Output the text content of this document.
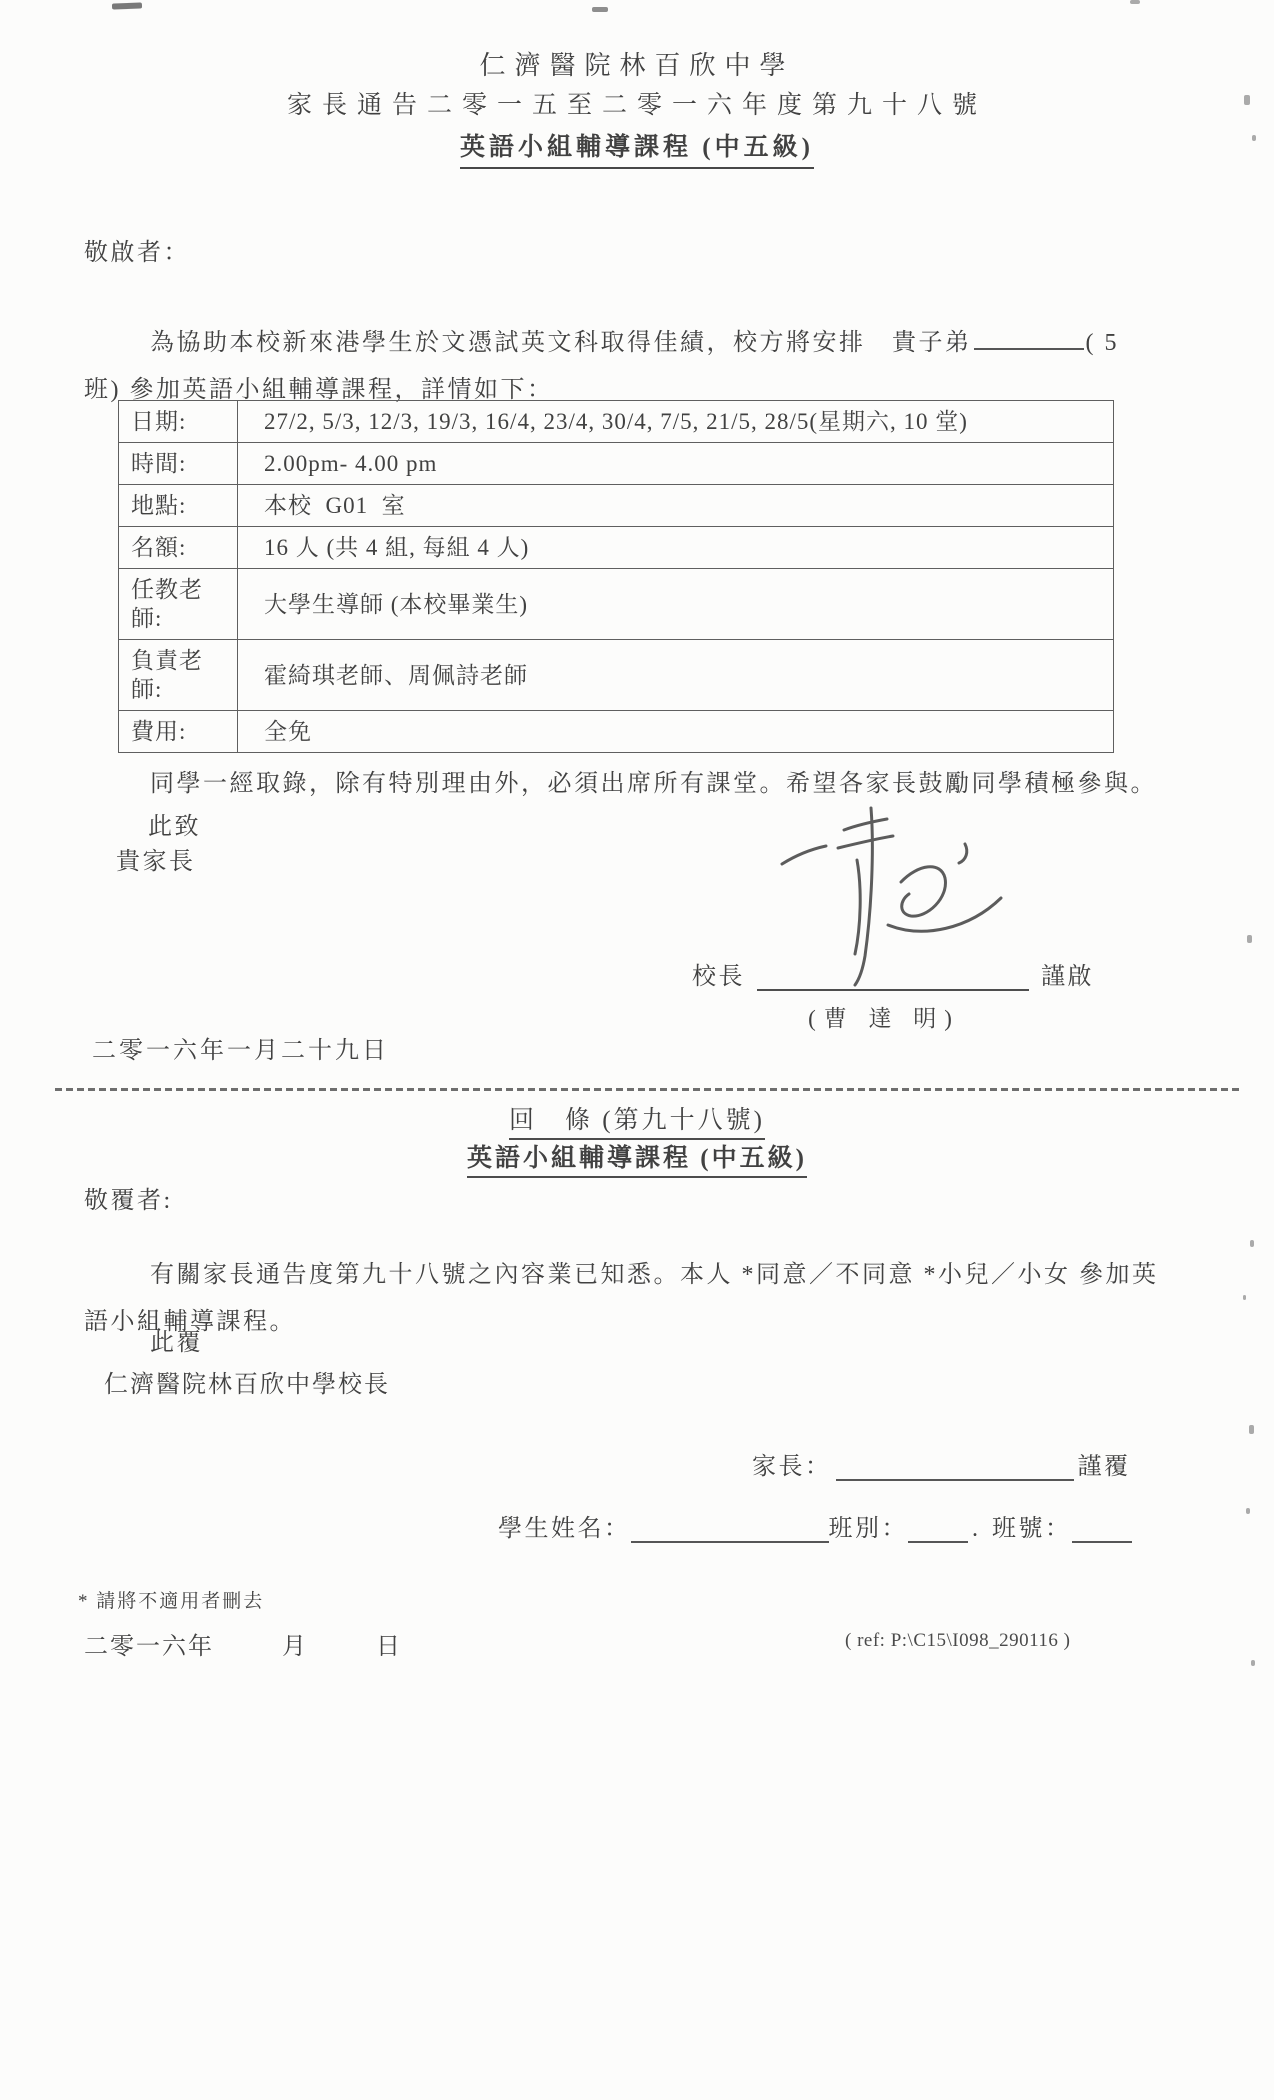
仁濟醫院林百欣中學
家長通告二零一五至二零一六年度第九十八號
英語小組輔導課程 (中五級)
敬啟者：

為協助本校新來港學生於文憑試英文科取得佳績，校方將安排　貴子弟	( 5
班) 參加英語小組輔導課程，詳情如下：

日期:	27/2, 5/3, 12/3, 19/3, 16/4, 23/4, 30/4, 7/5, 21/5, 28/5(星期六, 10 堂)
時間:	2.00pm- 4.00 pm
地點:	本校  G01  室
名額:	16 人 (共 4 組, 每組 4 人)
任教老師:	大學生導師 (本校畢業生)
負責老師:	霍綺琪老師、周佩詩老師
費用:	全免

同學一經取錄，除有特別理由外，必須出席所有課堂。希望各家長鼓勵同學積極參與。

此致
貴家長
校長	謹啟
(曹 達 明)
二零一六年一月二十九日
回　條 (第九十八號)
英語小組輔導課程 (中五級)
敬覆者:

有關家長通告度第九十八號之內容業已知悉。本人 *同意／不同意 *小兒／小女 參加英
語小組輔導課程。

此覆
仁濟醫院林百欣中學校長
家長：	謹覆
學生姓名：	班別：	. 班號：
* 請將不適用者刪去
二零一六年	月	日	( ref: P:\C15\I098_290116 )
